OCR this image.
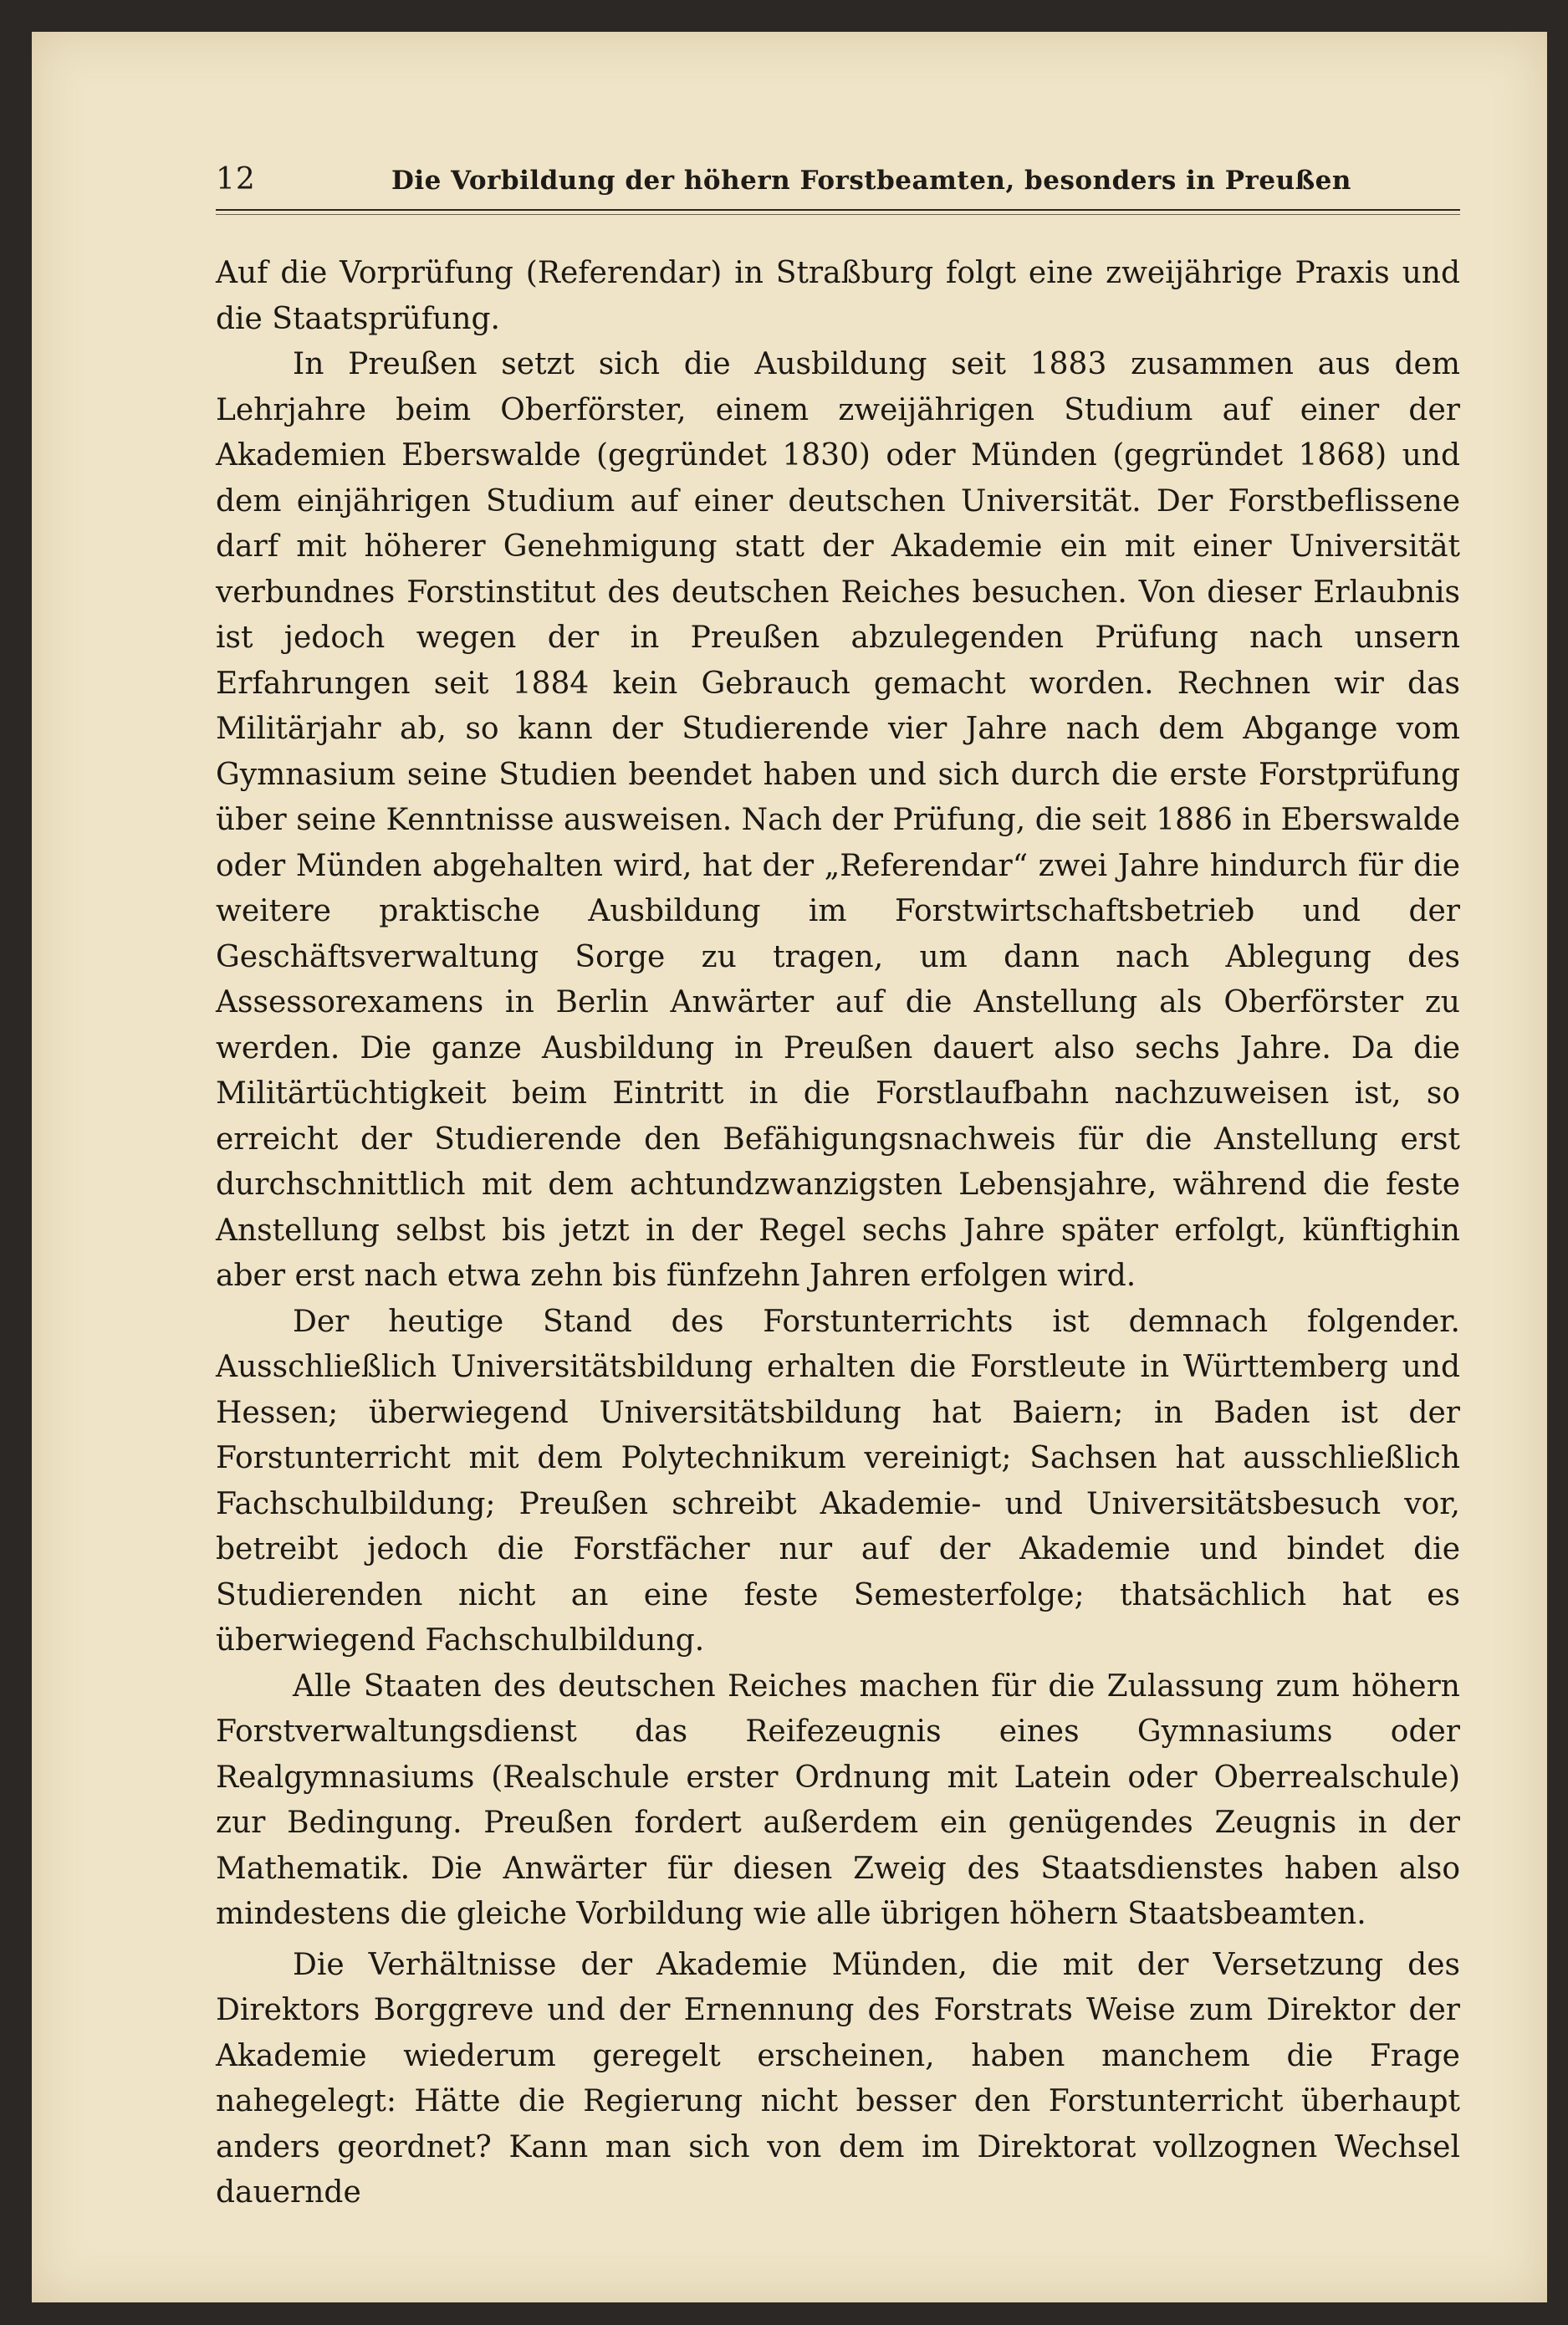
12	Die Vorbildung der höhern Forstbeamten, besonders in Preußen

Auf die Vorprüfung (Referendar) in Straßburg folgt eine zweijährige Praxis und die Staatsprüfung.

In Preußen setzt sich die Ausbildung seit 1883 zusammen aus dem Lehrjahre beim Oberförster, einem zweijährigen Studium auf einer der Akademien Eberswalde (gegründet 1830) oder Münden (gegründet 1868) und dem einjährigen Studium auf einer deutschen Universität. Der Forstbeflissene darf mit höherer Genehmigung statt der Akademie ein mit einer Universität verbundnes Forstinstitut des deutschen Reiches besuchen. Von dieser Erlaubnis ist jedoch wegen der in Preußen abzulegenden Prüfung nach unsern Erfahrungen seit 1884 kein Gebrauch gemacht worden. Rechnen wir das Militärjahr ab, so kann der Studierende vier Jahre nach dem Abgange vom Gymnasium seine Studien beendet haben und sich durch die erste Forstprüfung über seine Kenntnisse ausweisen. Nach der Prüfung, die seit 1886 in Eberswalde oder Münden abgehalten wird, hat der „Referendar“ zwei Jahre hindurch für die weitere praktische Ausbildung im Forstwirtschaftsbetrieb und der Geschäftsverwaltung Sorge zu tragen, um dann nach Ablegung des Assessorexamens in Berlin Anwärter auf die Anstellung als Oberförster zu werden. Die ganze Ausbildung in Preußen dauert also sechs Jahre. Da die Militärtüchtigkeit beim Eintritt in die Forstlaufbahn nachzuweisen ist, so erreicht der Studierende den Befähigungsnachweis für die Anstellung erst durchschnittlich mit dem achtundzwanzigsten Lebensjahre, während die feste Anstellung selbst bis jetzt in der Regel sechs Jahre später erfolgt, künftighin aber erst nach etwa zehn bis fünfzehn Jahren erfolgen wird.

Der heutige Stand des Forstunterrichts ist demnach folgender. Ausschließlich Universitätsbildung erhalten die Forstleute in Württemberg und Hessen; überwiegend Universitätsbildung hat Baiern; in Baden ist der Forstunterricht mit dem Polytechnikum vereinigt; Sachsen hat ausschließlich Fachschulbildung; Preußen schreibt Akademie- und Universitätsbesuch vor, betreibt jedoch die Forstfächer nur auf der Akademie und bindet die Studierenden nicht an eine feste Semesterfolge; thatsächlich hat es überwiegend Fachschulbildung.

Alle Staaten des deutschen Reiches machen für die Zulassung zum höhern Forstverwaltungsdienst das Reifezeugnis eines Gymnasiums oder Realgymnasiums (Realschule erster Ordnung mit Latein oder Oberrealschule) zur Bedingung. Preußen fordert außerdem ein genügendes Zeugnis in der Mathematik. Die Anwärter für diesen Zweig des Staatsdienstes haben also mindestens die gleiche Vorbildung wie alle übrigen höhern Staatsbeamten.

Die Verhältnisse der Akademie Münden, die mit der Versetzung des Direktors Borggreve und der Ernennung des Forstrats Weise zum Direktor der Akademie wiederum geregelt erscheinen, haben manchem die Frage nahegelegt: Hätte die Regierung nicht besser den Forstunterricht überhaupt anders geordnet? Kann man sich von dem im Direktorat vollzognen Wechsel dauernde
